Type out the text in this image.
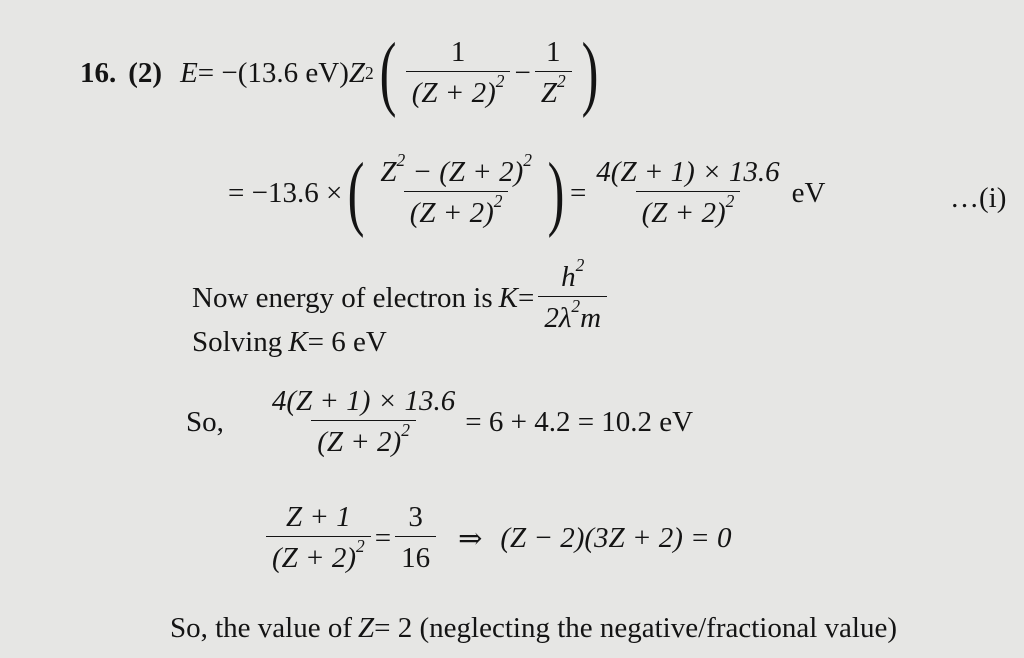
16. (2) E = − (13.6 eV) Z 2 ( $\frac{1}{(Z + 2)^2} - \frac{1}{Z^2}$ )
= −13.6 × ( $\frac{Z^2 - (Z + 2)^2}{(Z + 2)^2}$ ) = $\frac{4(Z + 1) \times 13.6}{(Z + 2)^2}$ eV	…(i)
Now energy of electron is $K = \frac{h^2}{2\lambda^2m}$
Solving K = 6 eV
So, $\frac{4(Z + 1) \times 13.6}{(Z + 2)^2} = 6 + 4.2 = 10.2$ eV
$\frac{Z + 1}{(Z + 2)^2} = \frac{3}{16}$ ⇒ (Z − 2)(3Z + 2) = 0
So, the value of Z = 2 (neglecting the negative/fractional value)
